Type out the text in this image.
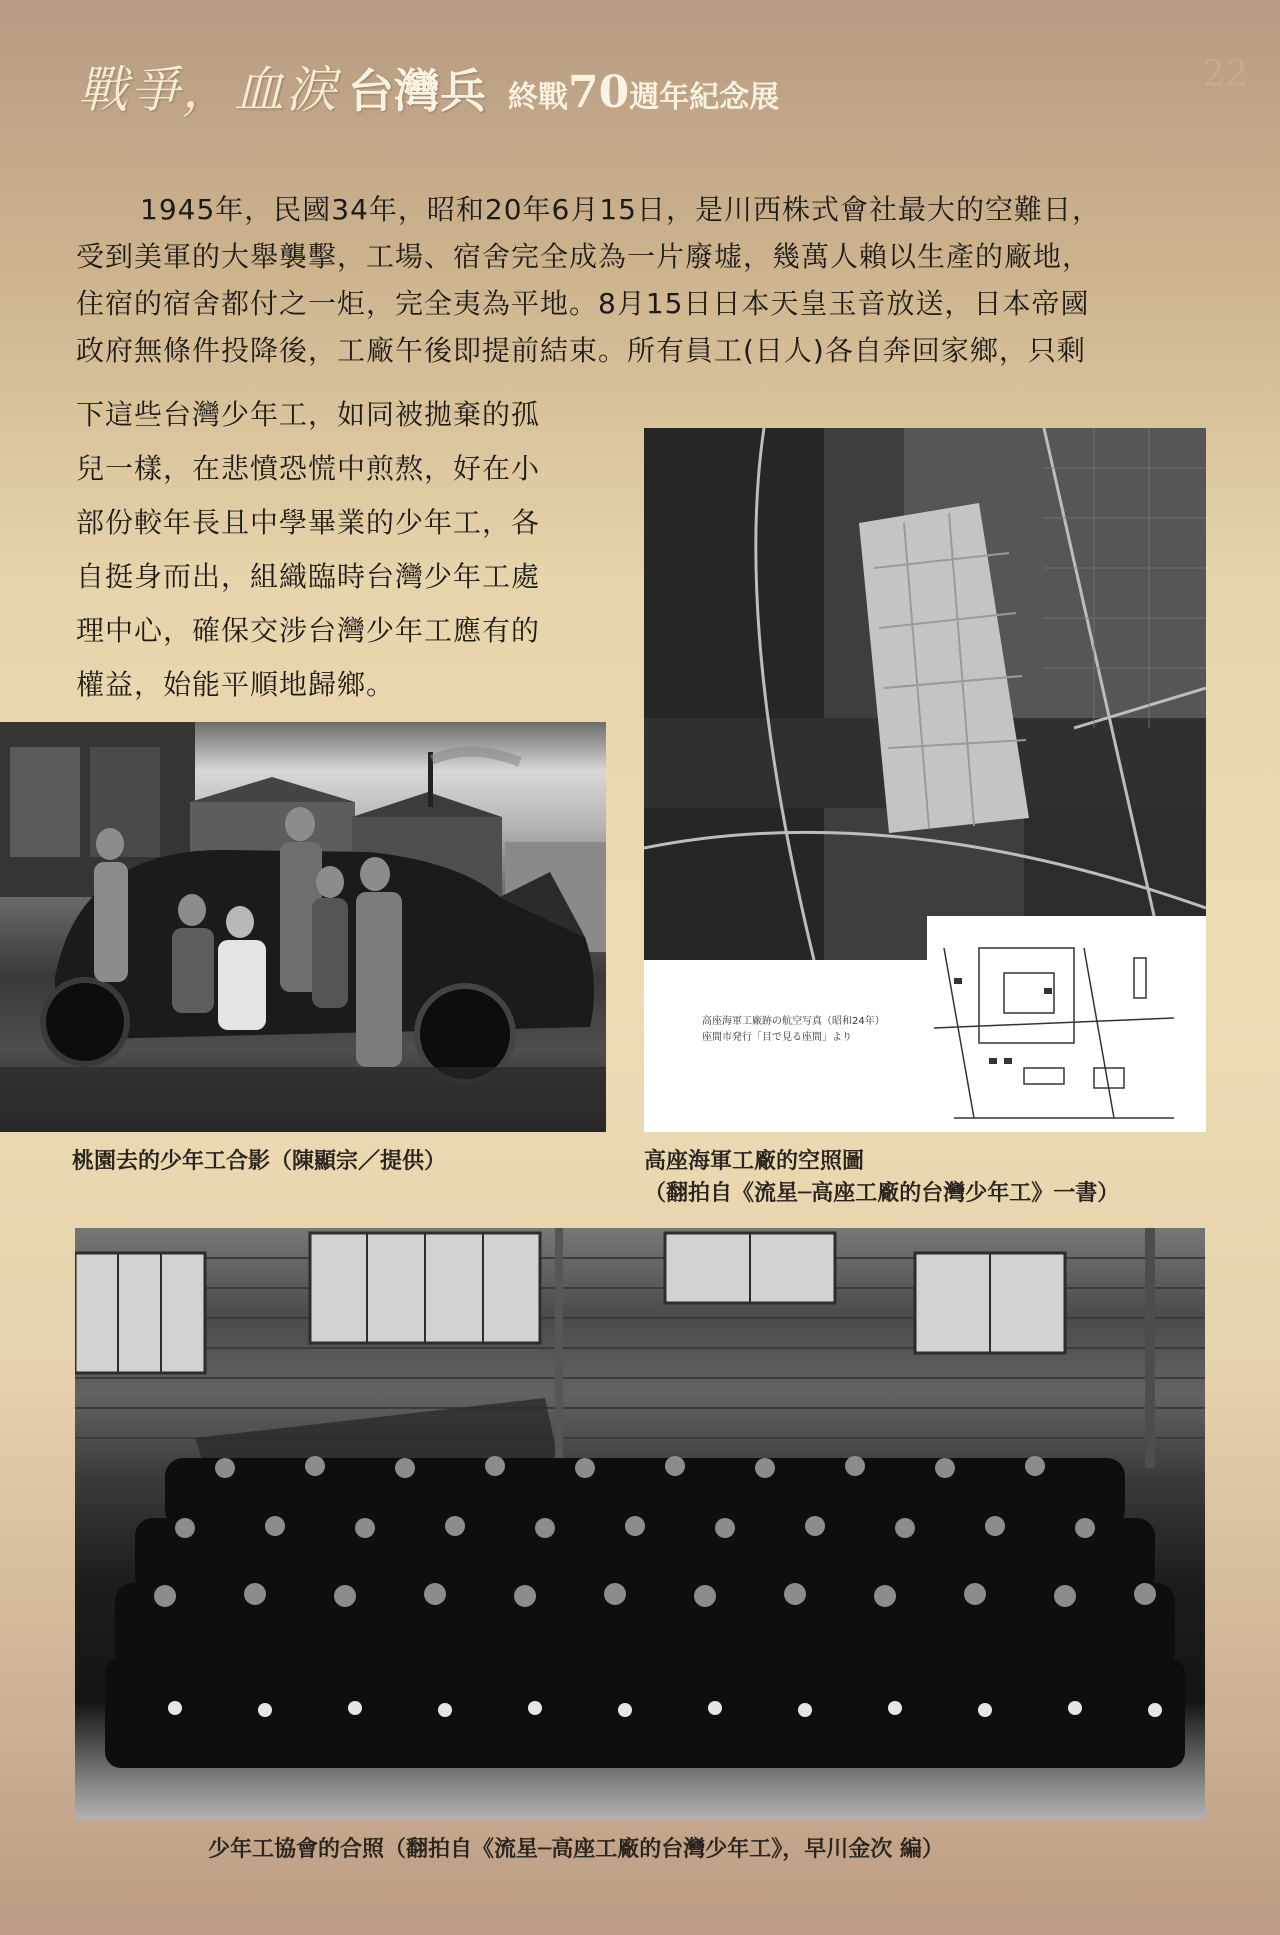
戰爭，血淚 台灣兵 終戰70週年紀念展
22

1945年，民國34年，昭和20年6月15日，是川西株式會社最大的空難日，
受到美軍的大舉襲擊，工場、宿舍完全成為一片廢墟，幾萬人賴以生產的廠地，
住宿的宿舍都付之一炬，完全夷為平地。8月15日日本天皇玉音放送，日本帝國
政府無條件投降後，工廠午後即提前結束。所有員工(日人)各自奔回家鄉，只剩

下這些台灣少年工，如同被拋棄的孤
兒一樣，在悲憤恐慌中煎熬，好在小
部份較年長且中學畢業的少年工，各
自挺身而出，組織臨時台灣少年工處
理中心，確保交涉台灣少年工應有的
權益，始能平順地歸鄉。

桃園去的少年工合影（陳顯宗／提供）
高座海軍工廠跡の航空写真（昭和24年）
座間市発行「目で見る座間」より
高座海軍工廠的空照圖
（翻拍自《流星─高座工廠的台灣少年工》一書）
少年工協會的合照（翻拍自《流星─高座工廠的台灣少年工》，早川金次 編）
